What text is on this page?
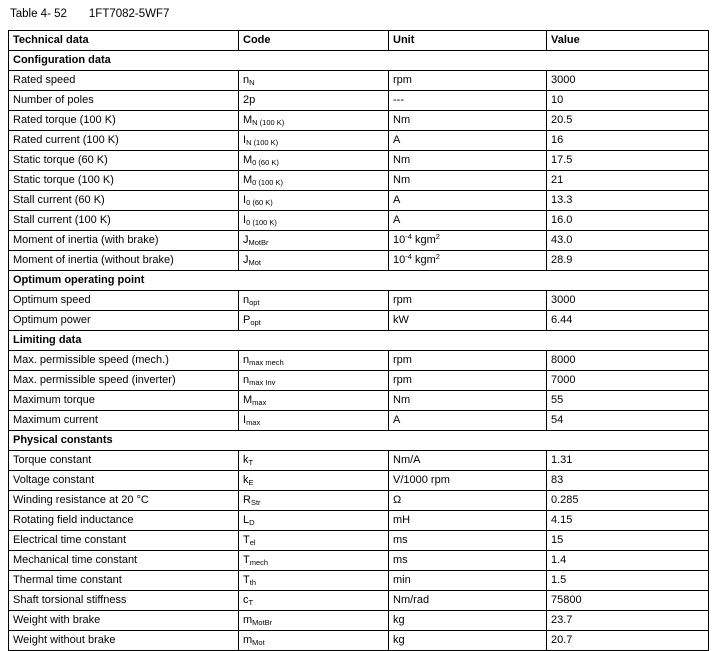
Table 4- 52 1FT7082-5WF7
Technical data	Code	Unit	Value
Configuration data			
Rated speed	$n_N$	rpm	3000
Number of poles	2p	---	10
Rated torque (100 K)	$M_{N (100 K)}$	Nm	20.5
Rated current (100 K)	$I_{N (100 K)}$	A	16
Static torque (60 K)	$M_{0 (60 K)}$	Nm	17.5
Static torque (100 K)	$M_{0 (100 K)}$	Nm	21
Stall current (60 K)	$I_{0 (60 K)}$	A	13.3
Stall current (100 K)	$I_{0 (100 K)}$	A	16.0
Moment of inertia (with brake)	$J_{MotBr}$	$10^{-4}$ kgm$^2$	43.0
Moment of inertia (without brake)	$J_{Mot}$	$10^{-4}$ kgm$^2$	28.9
Optimum operating point			
Optimum speed	$n_{opt}$	rpm	3000
Optimum power	$P_{opt}$	kW	6.44
Limiting data			
Max. permissible speed (mech.)	$n_{max mech}$	rpm	8000
Max. permissible speed (inverter)	$n_{max Inv}$	rpm	7000
Maximum torque	$M_{max}$	Nm	55
Maximum current	$I_{max}$	A	54
Physical constants			
Torque constant	$k_T$	Nm/A	1.31
Voltage constant	$k_E$	V/1000 rpm	83
Winding resistance at 20 °C	$R_{Str}$	Ω	0.285
Rotating field inductance	$L_D$	mH	4.15
Electrical time constant	$T_{el}$	ms	15
Mechanical time constant	$T_{mech}$	ms	1.4
Thermal time constant	$T_{th}$	min	1.5
Shaft torsional stiffness	$c_T$	Nm/rad	75800
Weight with brake	$m_{MotBr}$	kg	23.7
Weight without brake	$m_{Mot}$	kg	20.7
